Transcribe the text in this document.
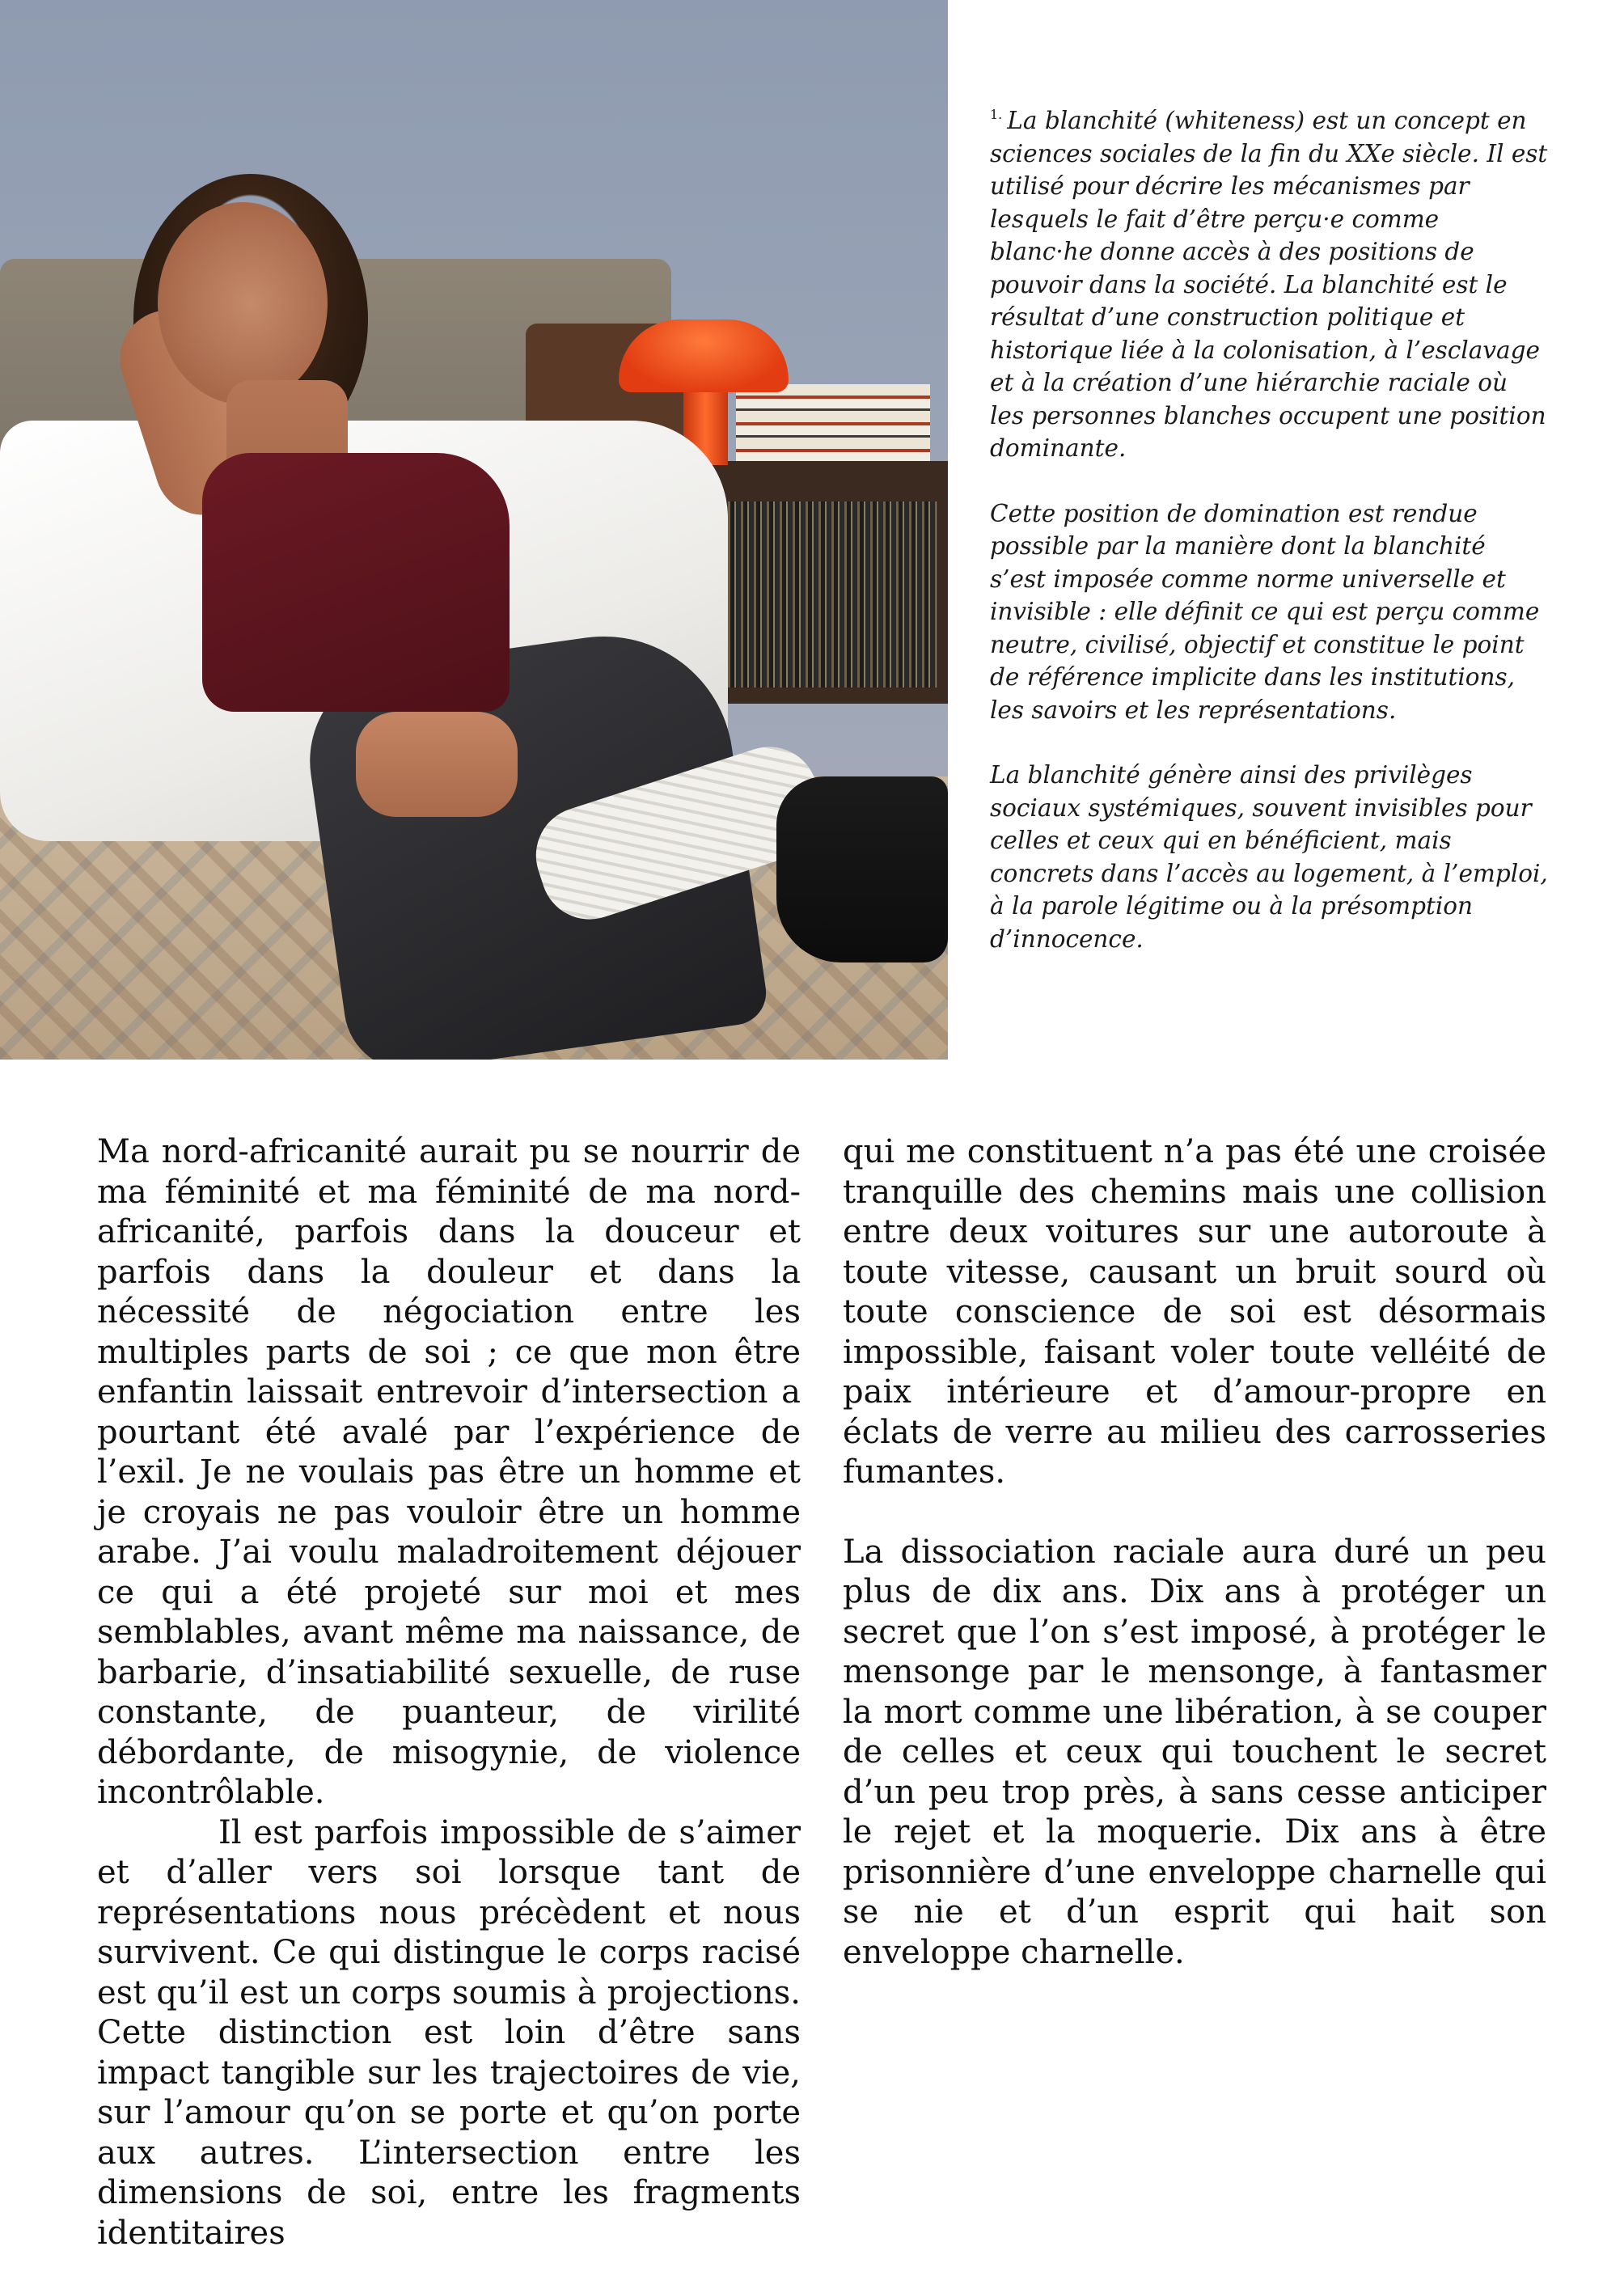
$^{1.}$ La blanchité (whiteness) est un concept en sciences sociales de la fin du XXe siècle. Il est utilisé pour décrire les mécanismes par lesquels le fait d’être perçu·e comme blanc·he donne accès à des positions de pouvoir dans la société. La blanchité est le résultat d’une construction politique et historique liée à la colonisation, à l’esclavage et à la création d’une hiérarchie raciale où les personnes blanches occupent une position dominante.

Cette position de domination est rendue possible par la manière dont la blanchité s’est imposée comme norme universelle et invisible : elle définit ce qui est perçu comme neutre, civilisé, objectif et constitue le point de référence implicite dans les institutions, les savoirs et les représentations.

La blanchité génère ainsi des privilèges sociaux systémiques, souvent invisibles pour celles et ceux qui en bénéficient, mais concrets dans l’accès au logement, à l’emploi, à la parole légitime ou à la présomption d’innocence.

Ma nord-africanité aurait pu se nourrir de ma féminité et ma féminité de ma nord-africanité, parfois dans la douceur et parfois dans la douleur et dans la nécessité de négociation entre les multiples parts de soi ; ce que mon être enfantin laissait entrevoir d’intersection a pourtant été avalé par l’expérience de l’exil. Je ne voulais pas être un homme et je croyais ne pas vouloir être un homme arabe. J’ai voulu maladroitement déjouer ce qui a été projeté sur moi et mes semblables, avant même ma naissance, de barbarie, d’insatiabilité sexuelle, de ruse constante, de puanteur, de virilité débordante, de misogynie, de violence incontrôlable.

Il est parfois impossible de s’aimer et d’aller vers soi lorsque tant de représentations nous précèdent et nous survivent. Ce qui distingue le corps racisé est qu’il est un corps soumis à projections. Cette distinction est loin d’être sans impact tangible sur les trajectoires de vie, sur l’amour qu’on se porte et qu’on porte aux autres. L’intersection entre les dimensions de soi, entre les fragments identitaires

qui me constituent n’a pas été une croisée tranquille des chemins mais une collision entre deux voitures sur une autoroute à toute vitesse, causant un bruit sourd où toute conscience de soi est désormais impossible, faisant voler toute velléité de paix intérieure et d’amour-propre en éclats de verre au milieu des carrosseries fumantes.

La dissociation raciale aura duré un peu plus de dix ans. Dix ans à protéger un secret que l’on s’est imposé, à protéger le mensonge par le mensonge, à fantasmer la mort comme une libération, à se couper de celles et ceux qui touchent le secret d’un peu trop près, à sans cesse anticiper le rejet et la moquerie. Dix ans à être prisonnière d’une enveloppe charnelle qui se nie et d’un esprit qui hait son enveloppe charnelle.
